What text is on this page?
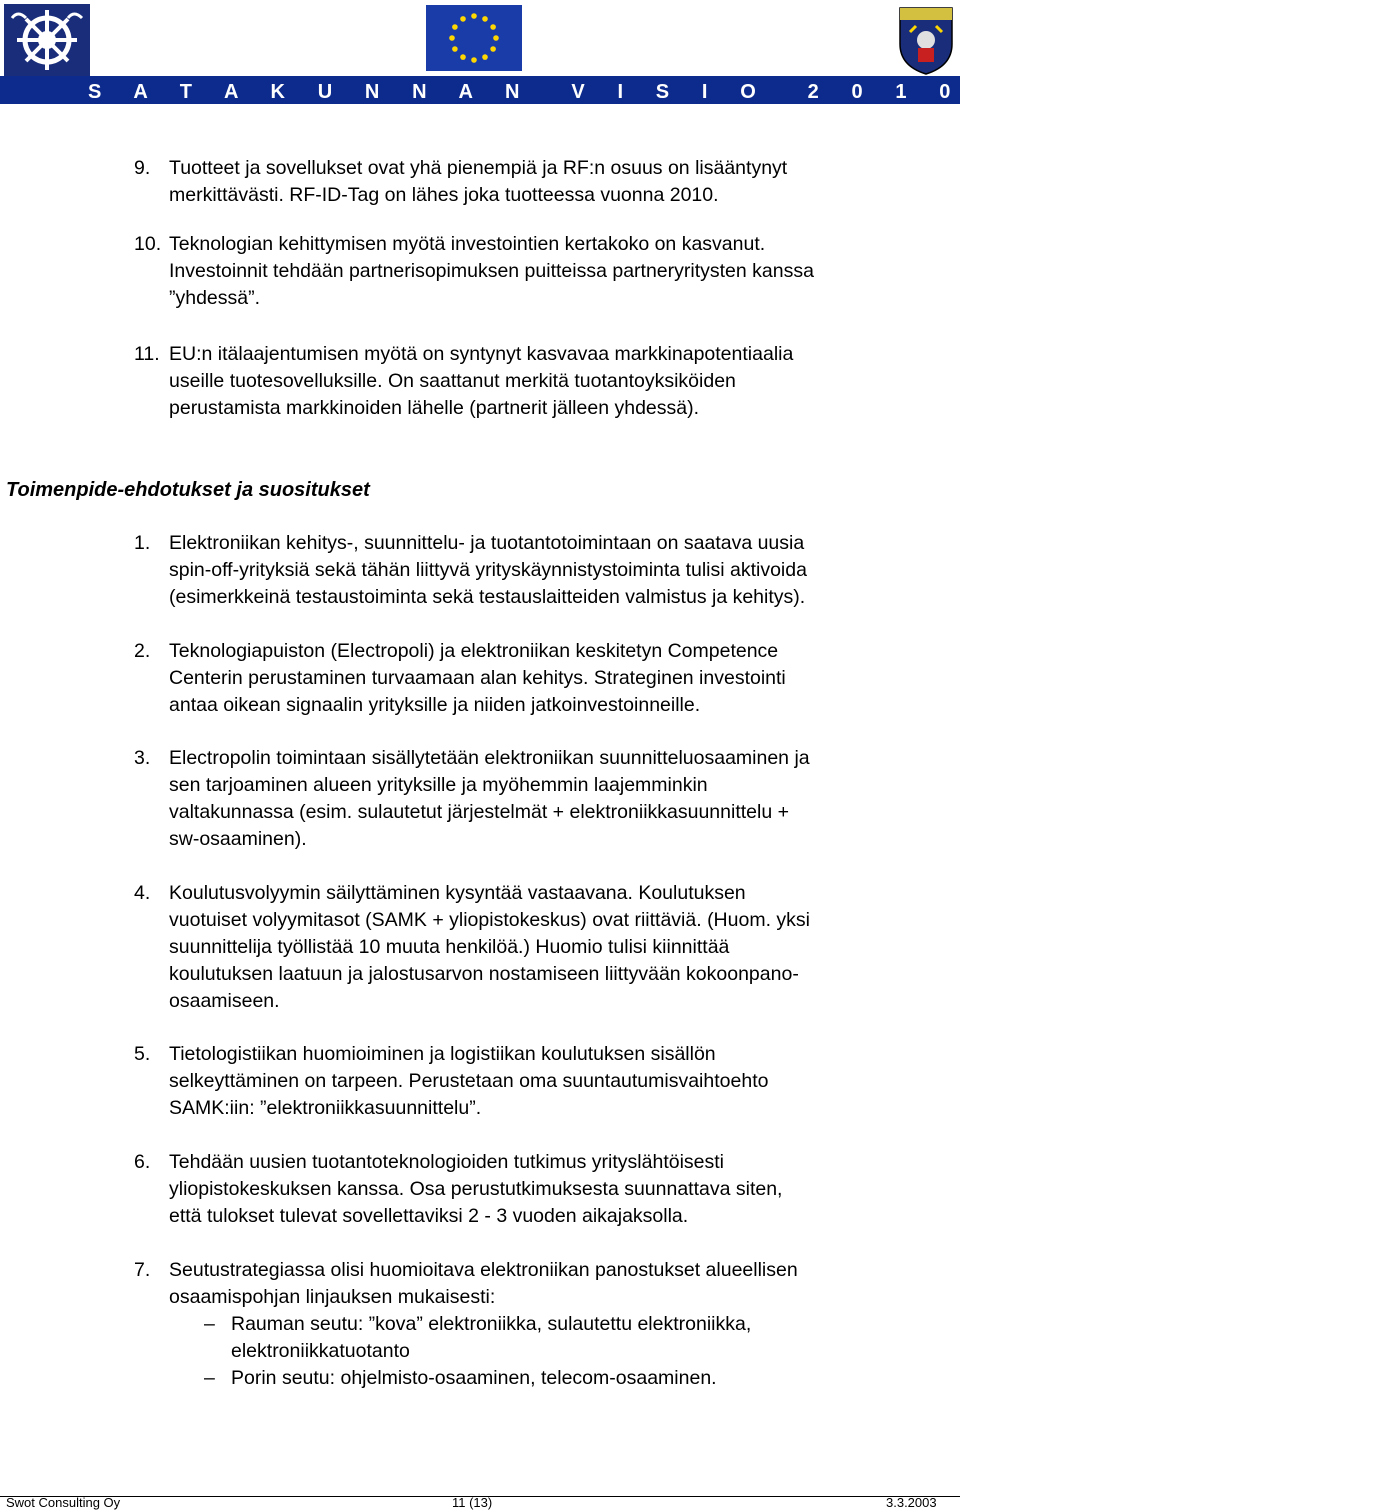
S A T A K U N N A N  V I S I O  2 0 1 0  - P R O J E K T I
9. Tuotteet ja sovellukset ovat yhä pienempiä ja RF:n osuus on lisääntynyt
merkittävästi. RF-ID-Tag on lähes joka tuotteessa vuonna 2010.
10. Teknologian kehittymisen myötä investointien kertakoko on kasvanut.
Investoinnit tehdään partnerisopimuksen puitteissa partneryritysten kanssa
”yhdessä”.
11. EU:n itälaajentumisen myötä on syntynyt kasvavaa markkinapotentiaalia
useille tuotesovelluksille. On saattanut merkitä tuotantoyksiköiden
perustamista markkinoiden lähelle (partnerit jälleen yhdessä).
Toimenpide-ehdotukset ja suositukset
1. Elektroniikan kehitys-, suunnittelu- ja tuotantotoimintaan on saatava uusia
spin-off-yrityksiä sekä tähän liittyvä yrityskäynnistystoiminta tulisi aktivoida
(esimerkkeinä testaustoiminta sekä testauslaitteiden valmistus ja kehitys).
2. Teknologiapuiston (Electropoli) ja elektroniikan keskitetyn Competence
Centerin perustaminen turvaamaan alan kehitys. Strateginen investointi
antaa oikean signaalin yrityksille ja niiden jatkoinvestoinneille.
3. Electropolin toimintaan sisällytetään elektroniikan suunnitteluosaaminen ja
sen tarjoaminen alueen yrityksille ja myöhemmin laajemminkin
valtakunnassa (esim. sulautetut järjestelmät + elektroniikkasuunnittelu +
sw-osaaminen).
4. Koulutusvolyymin säilyttäminen kysyntää vastaavana. Koulutuksen
vuotuiset volyymitasot (SAMK + yliopistokeskus) ovat riittäviä. (Huom. yksi
suunnittelija työllistää 10 muuta henkilöä.) Huomio tulisi kiinnittää
koulutuksen laatuun ja jalostusarvon nostamiseen liittyvään kokoonpano-
osaamiseen.
5. Tietologistiikan huomioiminen ja logistiikan koulutuksen sisällön
selkeyttäminen on tarpeen. Perustetaan oma suuntautumisvaihtoehto
SAMK:iin: ”elektroniikkasuunnittelu”.
6. Tehdään uusien tuotantoteknologioiden tutkimus yrityslähtöisesti
yliopistokeskuksen kanssa. Osa perustutkimuksesta suunnattava siten,
että tulokset tulevat sovellettaviksi 2 - 3 vuoden aikajaksolla.
7. Seutustrategiassa olisi huomioitava elektroniikan panostukset alueellisen
osaamispohjan linjauksen mukaisesti:
– Rauman seutu: ”kova” elektroniikka, sulautettu elektroniikka,
elektroniikkatuotanto
– Porin seutu: ohjelmisto-osaaminen, telecom-osaaminen.
Swot Consulting Oy	11 (13)	3.3.2003
